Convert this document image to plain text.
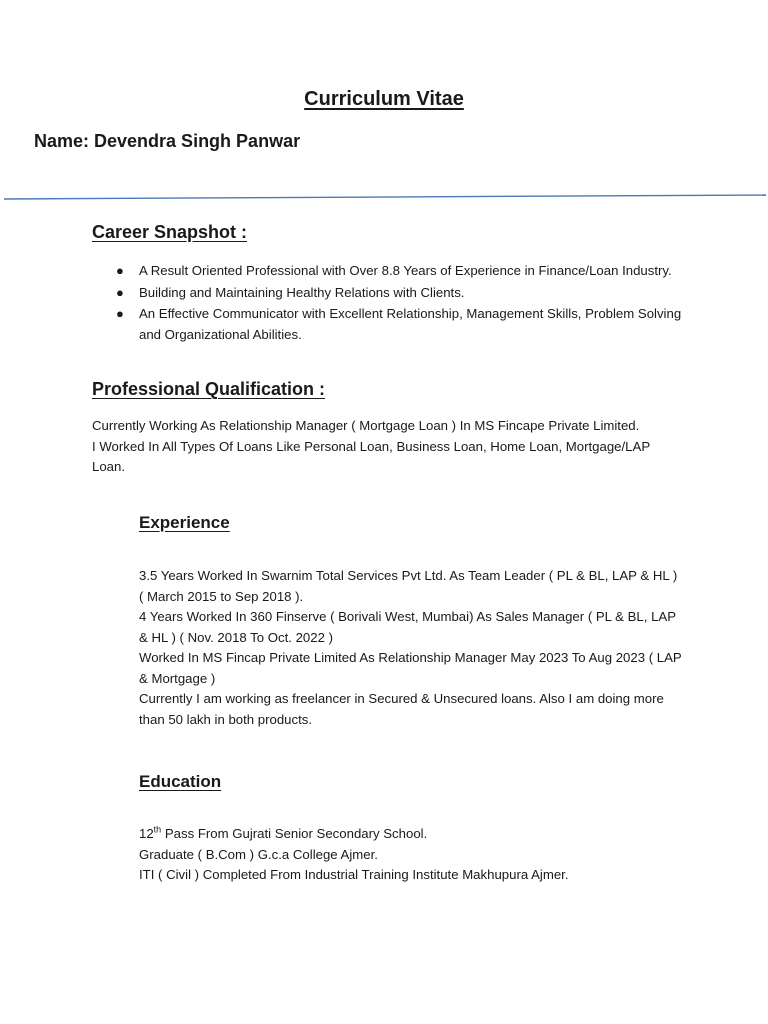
Curriculum Vitae
Name: Devendra Singh Panwar
Career Snapshot :
● A Result Oriented Professional with Over 8.8 Years of Experience in Finance/Loan Industry.
● Building and Maintaining Healthy Relations with Clients.
● An Effective Communicator with Excellent Relationship, Management Skills, Problem Solving and Organizational Abilities.
Professional Qualification :
Currently Working As Relationship Manager ( Mortgage Loan ) In MS Fincape Private Limited.
I Worked In All Types Of Loans Like Personal Loan, Business Loan, Home Loan, Mortgage/LAP Loan.
Experience
3.5 Years Worked In Swarnim Total Services Pvt Ltd. As Team Leader ( PL & BL, LAP & HL ) ( March 2015 to Sep 2018 ).
4 Years Worked In 360 Finserve ( Borivali West, Mumbai) As Sales Manager ( PL & BL, LAP & HL ) ( Nov. 2018 To Oct. 2022 )
Worked In MS Fincap Private Limited As Relationship Manager May 2023 To Aug 2023 ( LAP & Mortgage )
Currently I am working as freelancer in Secured & Unsecured loans. Also I am doing more than 50 lakh in both products.
Education
12th Pass From Gujrati Senior Secondary School.
Graduate ( B.Com ) G.c.a College Ajmer.
ITI ( Civil ) Completed From Industrial Training Institute Makhupura Ajmer.
